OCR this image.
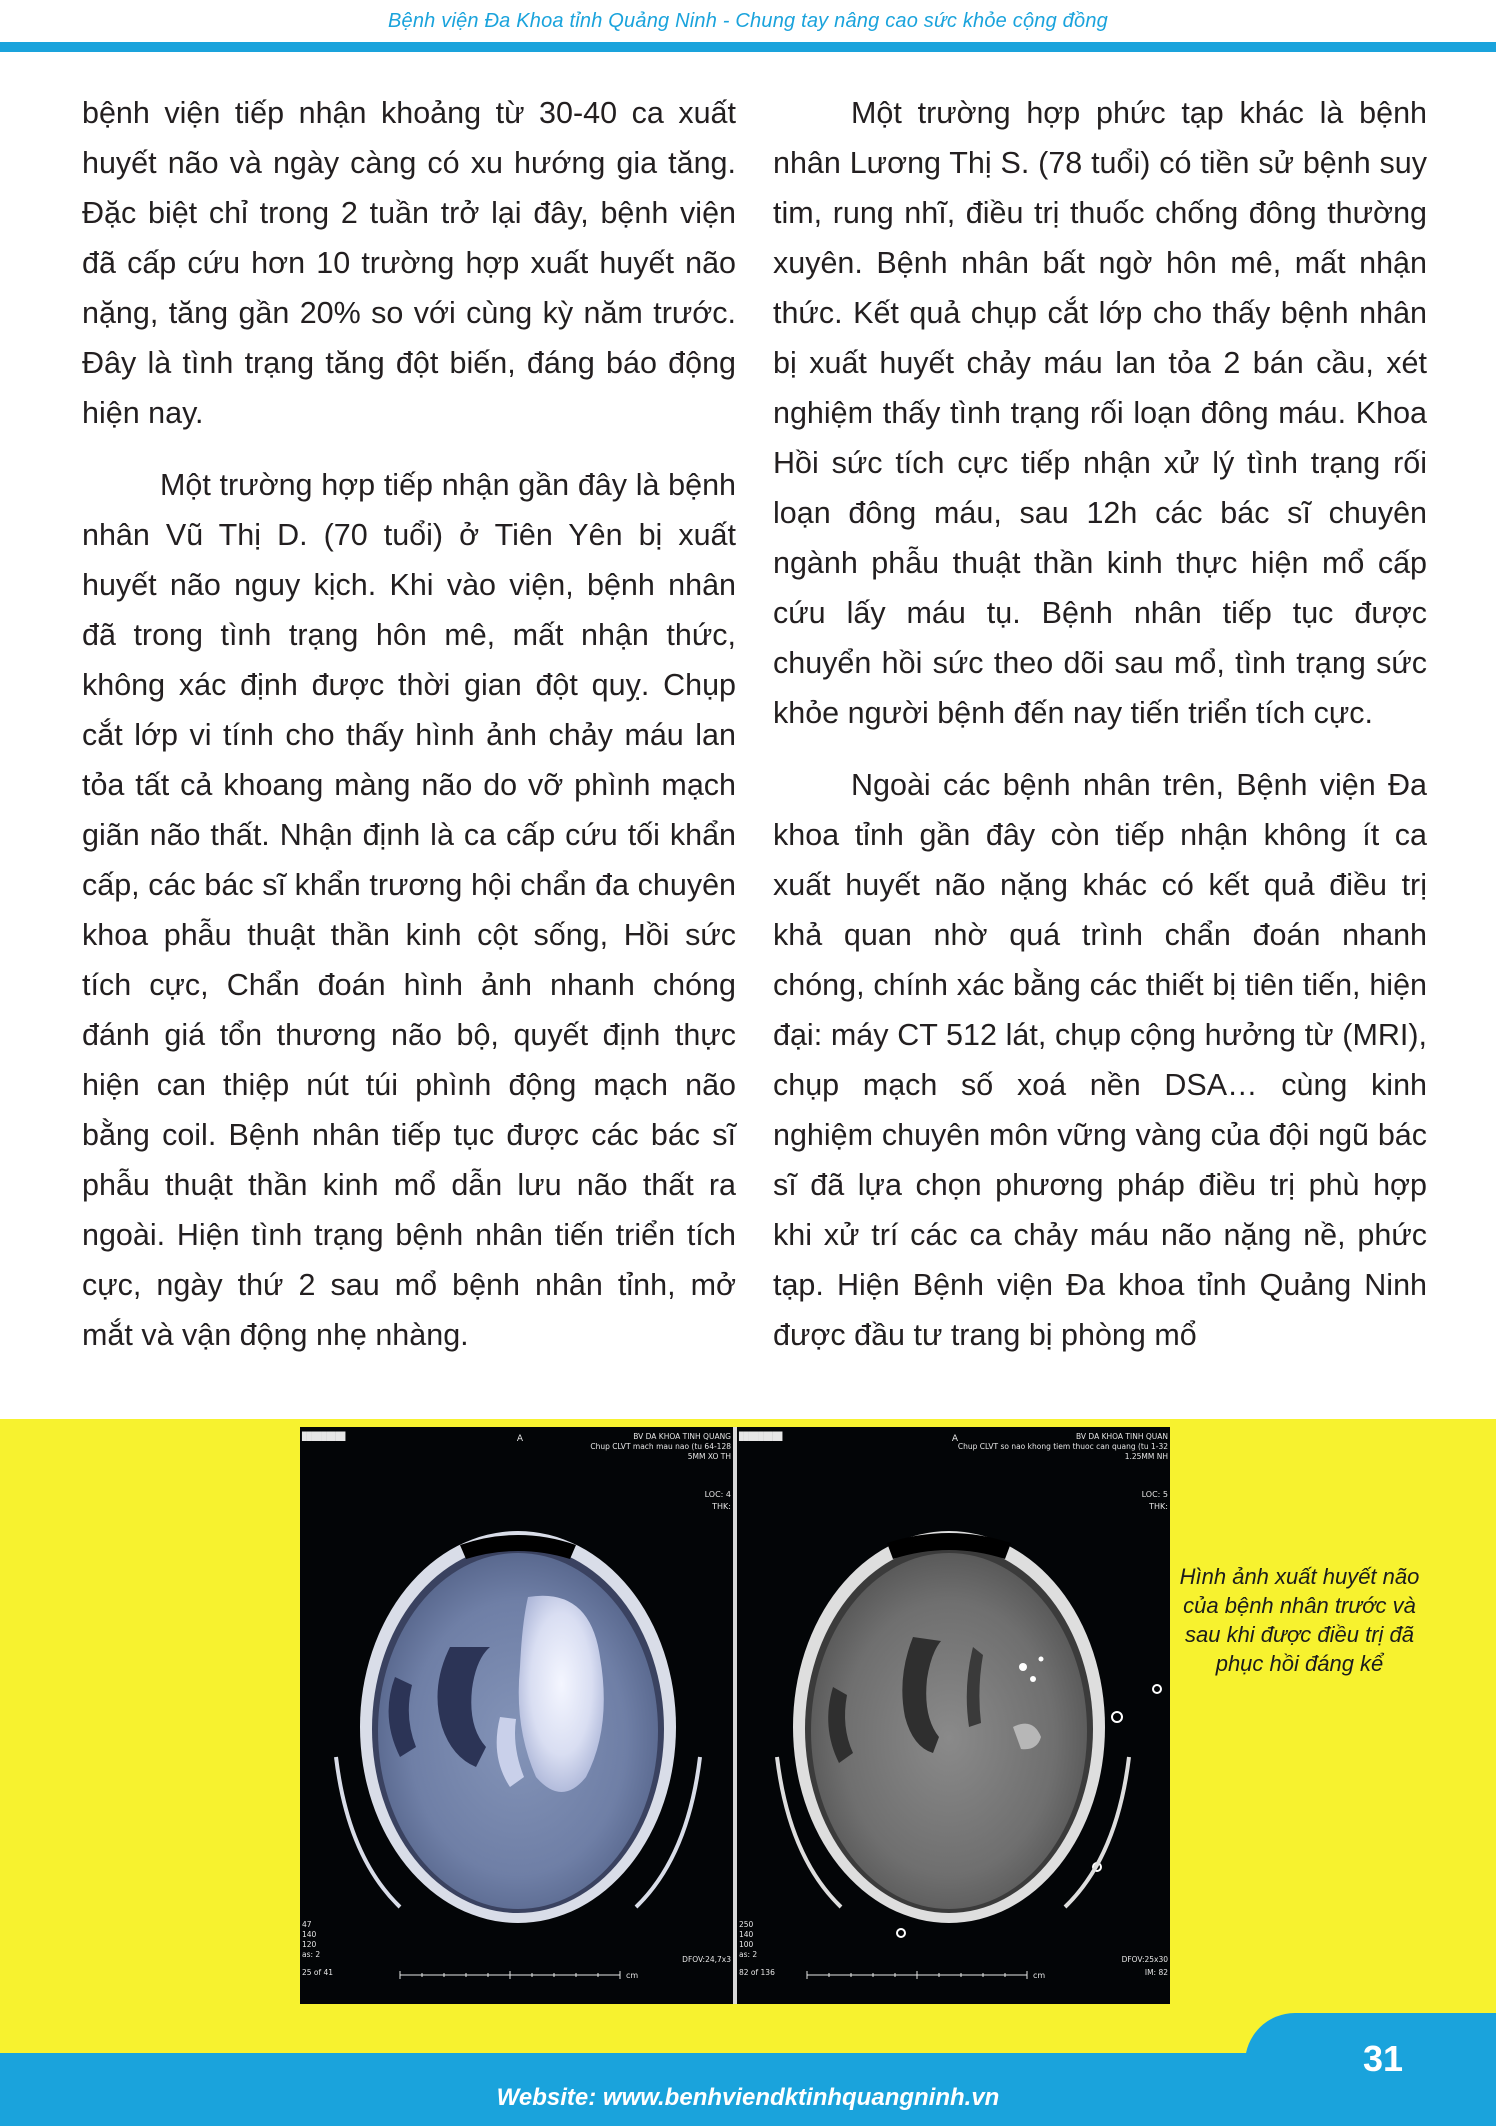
Bệnh viện Đa Khoa tỉnh Quảng Ninh - Chung tay nâng cao sức khỏe cộng đồng

bệnh viện tiếp nhận khoảng từ 30-40 ca xuất huyết não và ngày càng có xu hướng gia tăng. Đặc biệt chỉ trong 2 tuần trở lại đây, bệnh viện đã cấp cứu hơn 10 trường hợp xuất huyết não nặng, tăng gần 20% so với cùng kỳ năm trước. Đây là tình trạng tăng đột biến, đáng báo động hiện nay.

Một trường hợp tiếp nhận gần đây là bệnh nhân Vũ Thị D. (70 tuổi) ở Tiên Yên bị xuất huyết não nguy kịch. Khi vào viện, bệnh nhân đã trong tình trạng hôn mê, mất nhận thức, không xác định được thời gian đột quỵ. Chụp cắt lớp vi tính cho thấy hình ảnh chảy máu lan tỏa tất cả khoang màng não do vỡ phình mạch giãn não thất. Nhận định là ca cấp cứu tối khẩn cấp, các bác sĩ khẩn trương hội chẩn đa chuyên khoa phẫu thuật thần kinh cột sống, Hồi sức tích cực, Chẩn đoán hình ảnh nhanh chóng đánh giá tổn thương não bộ, quyết định thực hiện can thiệp nút túi phình động mạch não bằng coil. Bệnh nhân tiếp tục được các bác sĩ phẫu thuật thần kinh mổ dẫn lưu não thất ra ngoài. Hiện tình trạng bệnh nhân tiến triển tích cực, ngày thứ 2 sau mổ bệnh nhân tỉnh, mở mắt và vận động nhẹ nhàng.

Một trường hợp phức tạp khác là bệnh nhân Lương Thị S. (78 tuổi) có tiền sử bệnh suy tim, rung nhĩ, điều trị thuốc chống đông thường xuyên. Bệnh nhân bất ngờ hôn mê, mất nhận thức. Kết quả chụp cắt lớp cho thấy bệnh nhân bị xuất huyết chảy máu lan tỏa 2 bán cầu, xét nghiệm thấy tình trạng rối loạn đông máu. Khoa Hồi sức tích cực tiếp nhận xử lý tình trạng rối loạn đông máu, sau 12h các bác sĩ chuyên ngành phẫu thuật thần kinh thực hiện mổ cấp cứu lấy máu tụ. Bệnh nhân tiếp tục được chuyển hồi sức theo dõi sau mổ, tình trạng sức khỏe người bệnh đến nay tiến triển tích cực.

Ngoài các bệnh nhân trên, Bệnh viện Đa khoa tỉnh gần đây còn tiếp nhận không ít ca xuất huyết não nặng khác có kết quả điều trị khả quan nhờ quá trình chẩn đoán nhanh chóng, chính xác bằng các thiết bị tiên tiến, hiện đại: máy CT 512 lát, chụp cộng hưởng từ (MRI), chụp mạch số xoá nền DSA… cùng kinh nghiệm chuyên môn vững vàng của đội ngũ bác sĩ đã lựa chọn phương pháp điều trị phù hợp khi xử trí các ca chảy máu não nặng nề, phức tạp. Hiện Bệnh viện Đa khoa tỉnh Quảng Ninh được đầu tư trang bị phòng mổ

█████████	A	BV DA KHOA TINH QUANG
Chup CLVT mach mau nao (tu 64-128
5MM XO TH
LOC: 4
THK:
47
140
120
as: 2
25 of 41
DFOV:24,7x3
cm
█████████	A	BV DA KHOA TINH QUAN
Chup CLVT so nao khong tiem thuoc can quang (tu 1-32
1.25MM NH
LOC: 5
THK:
250
140
100
as: 2
82 of 136
DFOV:25x30
IM: 82
cm
Hình ảnh xuất huyết não của bệnh nhân trước và sau khi được điều trị đã phục hồi đáng kể
31
Website: www.benhviendktinhquangninh.vn
